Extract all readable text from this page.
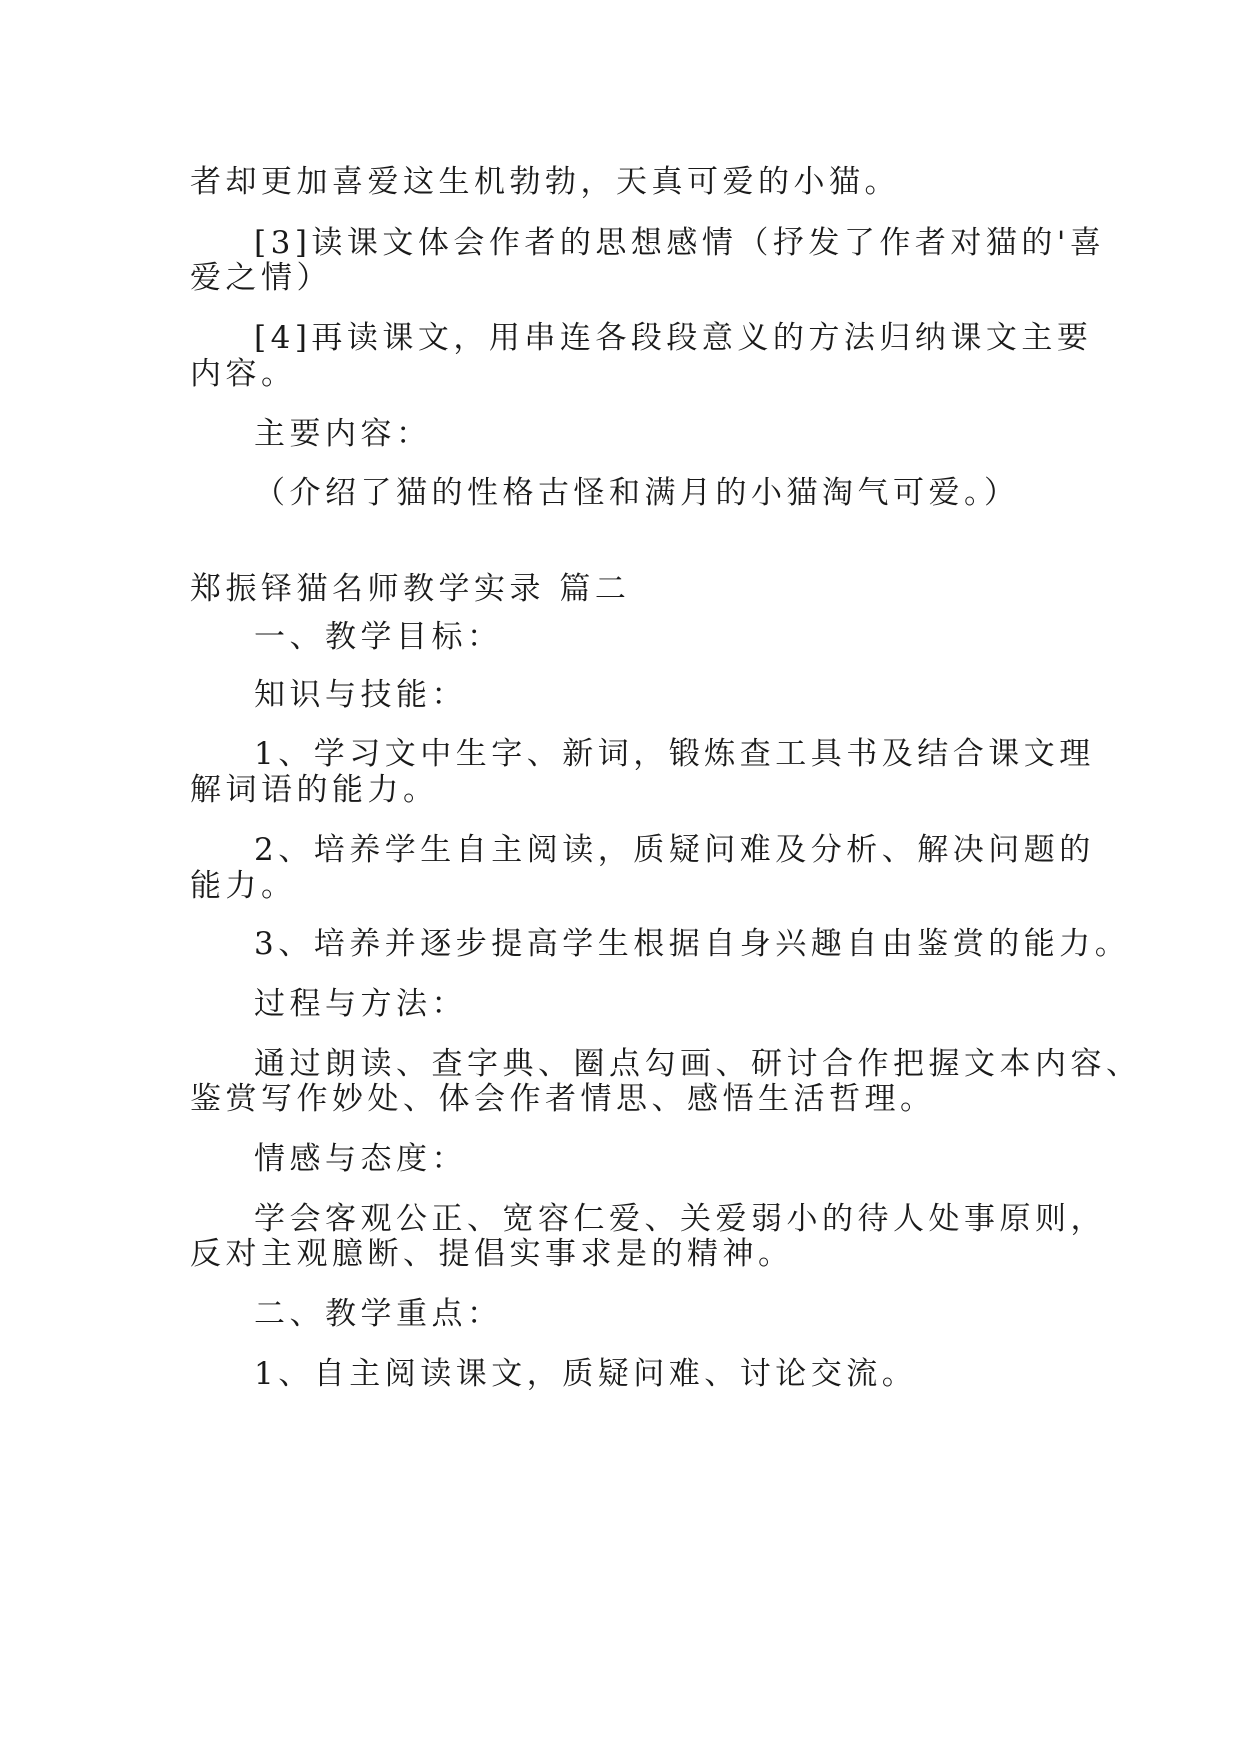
者却更加喜爱这生机勃勃，天真可爱的小猫。
[3]读课文体会作者的思想感情（抒发了作者对猫的'喜
爱之情）
[4]再读课文，用串连各段段意义的方法归纳课文主要
内容。
主要内容：
（介绍了猫的性格古怪和满月的小猫淘气可爱。）
郑振铎猫名师教学实录 篇二
一、教学目标：
知识与技能：
1、学习文中生字、新词，锻炼查工具书及结合课文理
解词语的能力。
2、培养学生自主阅读，质疑问难及分析、解决问题的
能力。
3、培养并逐步提高学生根据自身兴趣自由鉴赏的能力。
过程与方法：
通过朗读、查字典、圈点勾画、研讨合作把握文本内容、
鉴赏写作妙处、体会作者情思、感悟生活哲理。
情感与态度：
学会客观公正、宽容仁爱、关爱弱小的待人处事原则，
反对主观臆断、提倡实事求是的精神。
二、教学重点：
1、自主阅读课文，质疑问难、讨论交流。
